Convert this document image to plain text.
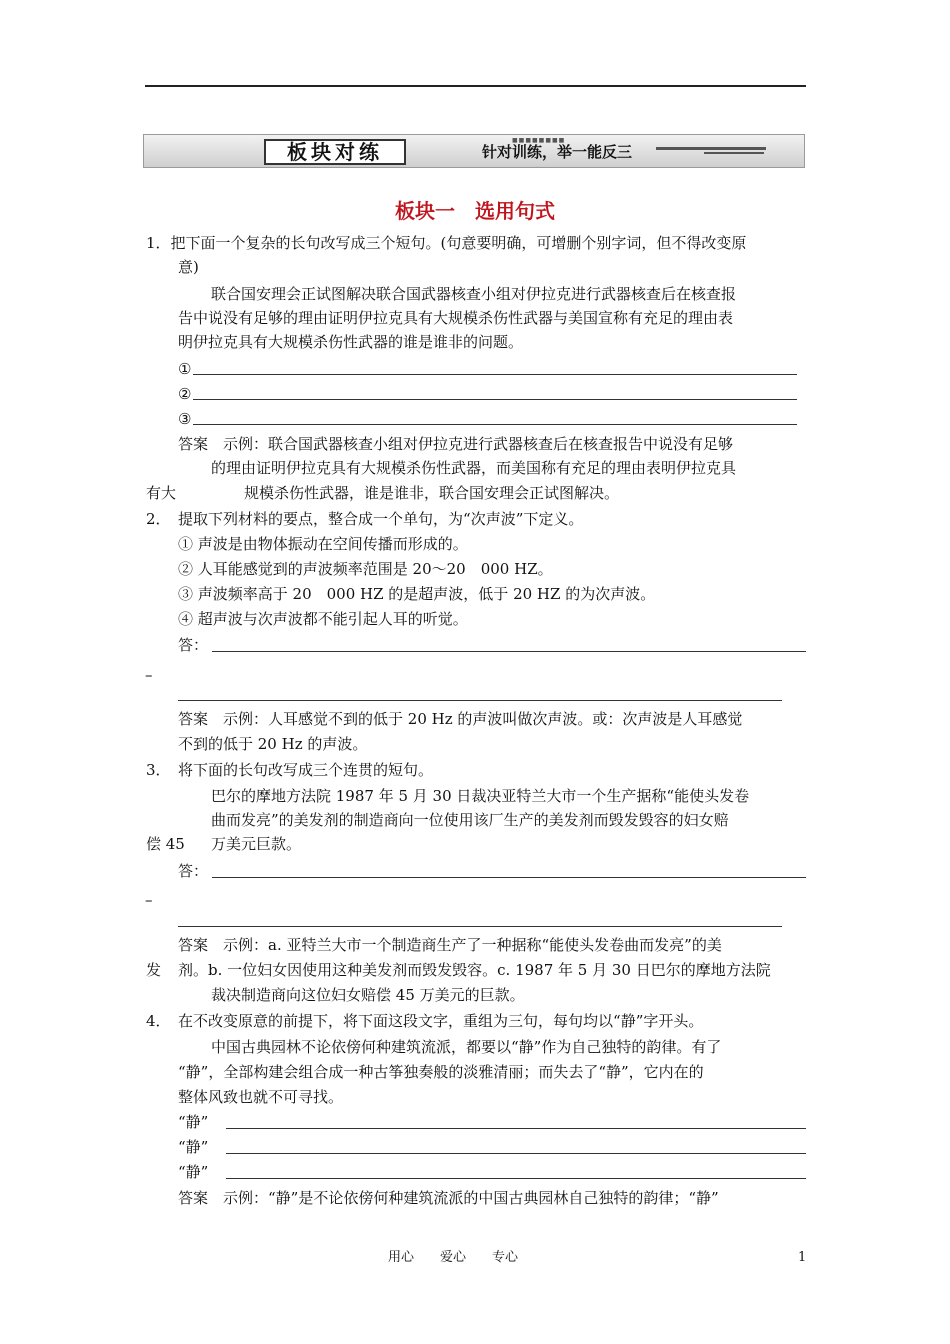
板块对练	■■■■■■■■
针对训练，举一能反三
板块一　选用句式
1．把下面一个复杂的长句改写成三个短句。(句意要明确，可增删个别字词，但不得改变原
意)
联合国安理会正试图解决联合国武器核查小组对伊拉克进行武器核查后在核查报
告中说没有足够的理由证明伊拉克具有大规模杀伤性武器与美国宣称有充足的理由表
明伊拉克具有大规模杀伤性武器的谁是谁非的问题。
①
②
③
答案　示例：联合国武器核查小组对伊拉克进行武器核查后在核查报告中说没有足够
的理由证明伊拉克具有大规模杀伤性武器，而美国称有充足的理由表明伊拉克具
有大	规模杀伤性武器，谁是谁非，联合国安理会正试图解决。
2．　提取下列材料的要点，整合成一个单句，为“次声波”下定义。
① 声波是由物体振动在空间传播而形成的。
② 人耳能感觉到的声波频率范围是 20～20　000 HZ。
③ 声波频率高于 20　000 HZ 的是超声波，低于 20 HZ 的为次声波。
④ 超声波与次声波都不能引起人耳的听觉。
答：
–
答案　示例：人耳感觉不到的低于 20 Hz 的声波叫做次声波。或：次声波是人耳感觉
不到的低于 20 Hz 的声波。
3．　将下面的长句改写成三个连贯的短句。
巴尔的摩地方法院 1987 年 5 月 30 日裁决亚特兰大市一个生产据称“能使头发卷
曲而发亮”的美发剂的制造商向一位使用该厂生产的美发剂而毁发毁容的妇女赔
偿 45 万美元巨款。
答：
–
答案　示例：a. 亚特兰大市一个制造商生产了一种据称“能使头发卷曲而发亮”的美
发 剂。b. 一位妇女因使用这种美发剂而毁发毁容。c. 1987 年 5 月 30 日巴尔的摩地方法院
裁决制造商向这位妇女赔偿 45 万美元的巨款。
4．　在不改变原意的前提下，将下面这段文字，重组为三句，每句均以“静”字开头。
中国古典园林不论依傍何种建筑流派，都要以“静”作为自己独特的韵律。有了
“静”，全部构建会组合成一种古筝独奏般的淡雅清丽；而失去了“静”，它内在的
整体风致也就不可寻找。
“静”
“静”
“静”
答案　示例：“静”是不论依傍何种建筑流派的中国古典园林自己独特的韵律；“静”
用心　　爱心　　专心	1
